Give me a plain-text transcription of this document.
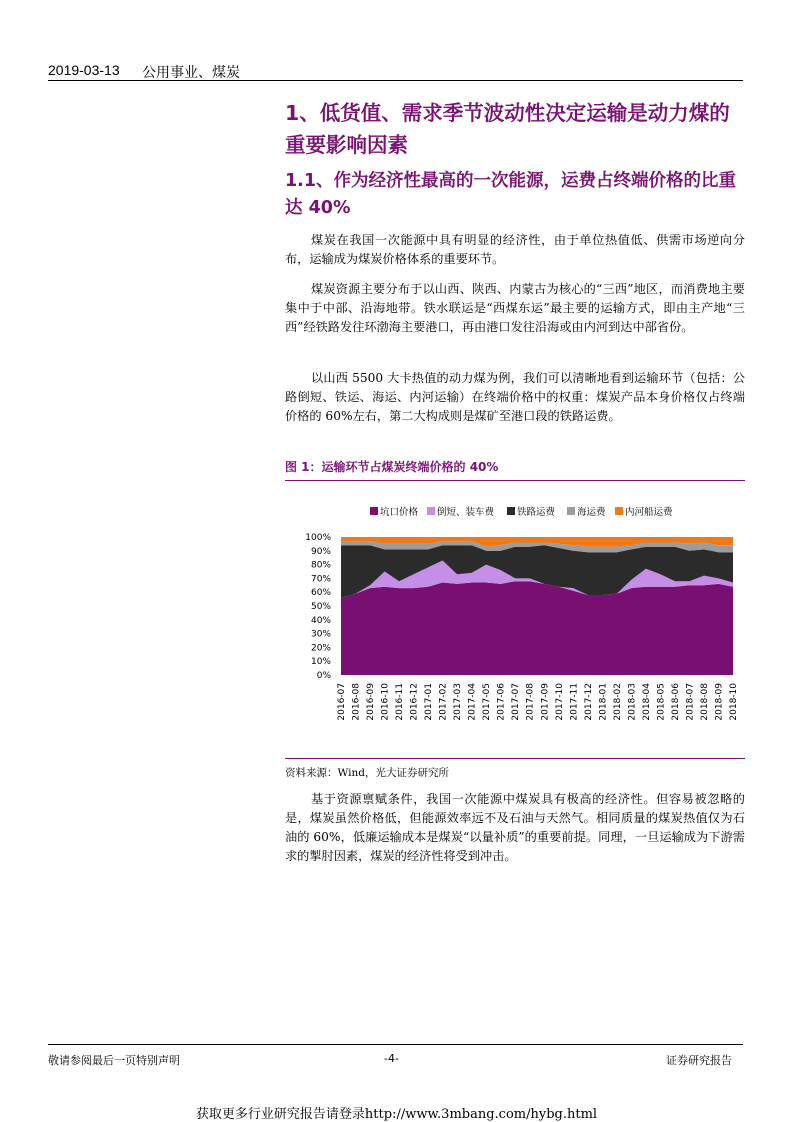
2019-03-13 公用事业、煤炭
1、低货值、需求季节波动性决定运输是动力煤的重要影响因素
1.1、作为经济性最高的一次能源，运费占终端价格的比重达 40%
煤炭在我国一次能源中具有明显的经济性，由于单位热值低、供需市场逆向分布，运输成为煤炭价格体系的重要环节。
煤炭资源主要分布于以山西、陕西、内蒙古为核心的“三西”地区，而消费地主要集中于中部、沿海地带。铁水联运是“西煤东运”最主要的运输方式，即由主产地“三西”经铁路发往环渤海主要港口，再由港口发往沿海或由内河到达中部省份。
以山西 5500 大卡热值的动力煤为例，我们可以清晰地看到运输环节（包括：公路倒短、铁运、海运、内河运输）在终端价格中的权重：煤炭产品本身价格仅占终端价格的 60%左右，第二大构成则是煤矿至港口段的铁路运费。
图 1：运输环节占煤炭终端价格的 40%
坑口价格 倒短、装车费 铁路运费 海运费 内河船运费
0%
10%
20%
30%
40%
50%
60%
70%
80%
90%
100%
2016-07 2016-08 2016-09 2016-10 2016-11 2016-12 2017-01 2017-02 2017-03 2017-04 2017-05 2017-06 2017-07 2017-08 2017-09 2017-10 2017-11 2017-12 2018-01 2018-02 2018-03 2018-04 2018-05 2018-06 2018-07 2018-08 2018-09 2018-10
资料来源：Wind，光大证券研究所
基于资源禀赋条件，我国一次能源中煤炭具有极高的经济性。但容易被忽略的是，煤炭虽然价格低，但能源效率远不及石油与天然气。相同质量的煤炭热值仅为石油的 60%，低廉运输成本是煤炭“以量补质”的重要前提。同理，一旦运输成为下游需求的掣肘因素，煤炭的经济性将受到冲击。
敬请参阅最后一页特别声明	-4-	证券研究报告
获取更多行业研究报告请登录http://www.3mbang.com/hybg.html
